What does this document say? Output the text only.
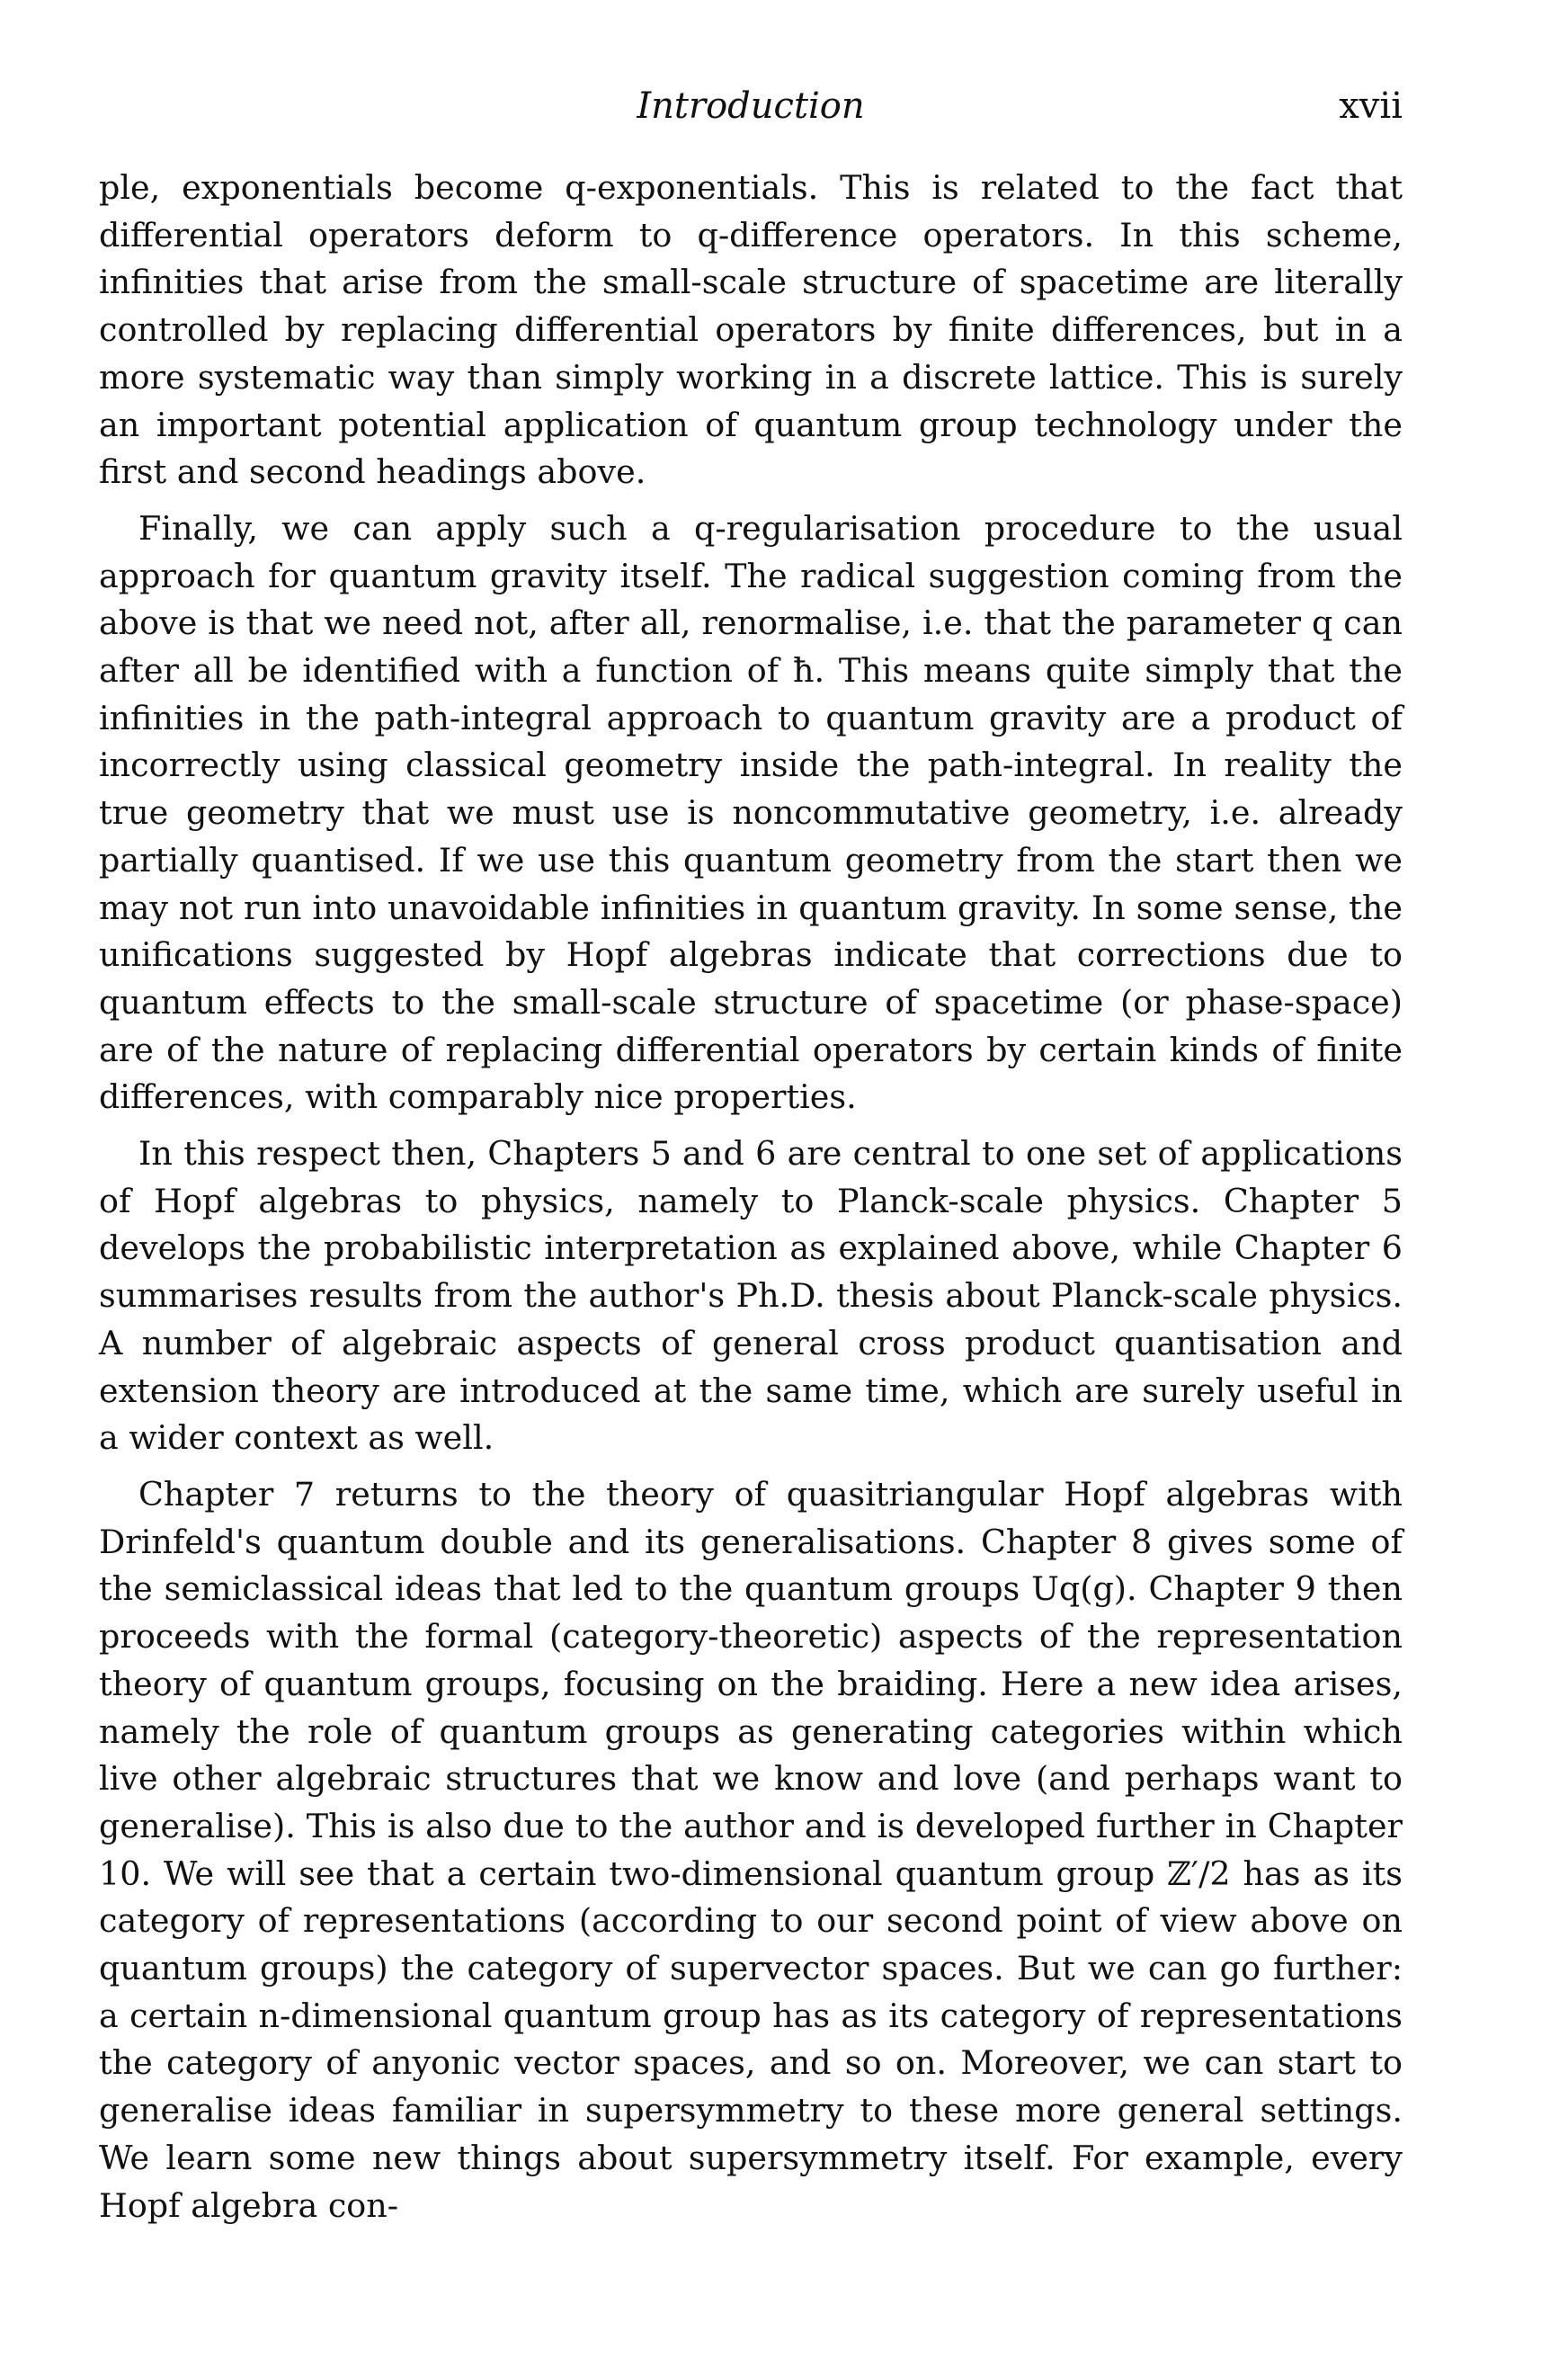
Introduction	xvii

ple, exponentials become q-exponentials. This is related to the fact that differential operators deform to q-difference operators. In this scheme, infinities that arise from the small-scale structure of spacetime are literally controlled by replacing differential operators by finite differences, but in a more systematic way than simply working in a discrete lattice. This is surely an important potential application of quantum group technology under the first and second headings above.

Finally, we can apply such a q-regularisation procedure to the usual approach for quantum gravity itself. The radical suggestion coming from the above is that we need not, after all, renormalise, i.e. that the parameter q can after all be identified with a function of ħ. This means quite simply that the infinities in the path-integral approach to quantum gravity are a product of incorrectly using classical geometry inside the path-integral. In reality the true geometry that we must use is noncommutative geometry, i.e. already partially quantised. If we use this quantum geometry from the start then we may not run into unavoidable infinities in quantum gravity. In some sense, the unifications suggested by Hopf algebras indicate that corrections due to quantum effects to the small-scale structure of spacetime (or phase-space) are of the nature of replacing differential operators by certain kinds of finite differences, with comparably nice properties.

In this respect then, Chapters 5 and 6 are central to one set of applications of Hopf algebras to physics, namely to Planck-scale physics. Chapter 5 develops the probabilistic interpretation as explained above, while Chapter 6 summarises results from the author's Ph.D. thesis about Planck-scale physics. A number of algebraic aspects of general cross product quantisation and extension theory are introduced at the same time, which are surely useful in a wider context as well.

Chapter 7 returns to the theory of quasitriangular Hopf algebras with Drinfeld's quantum double and its generalisations. Chapter 8 gives some of the semiclassical ideas that led to the quantum groups Uq(g). Chapter 9 then proceeds with the formal (category-theoretic) aspects of the representation theory of quantum groups, focusing on the braiding. Here a new idea arises, namely the role of quantum groups as generating categories within which live other algebraic structures that we know and love (and perhaps want to generalise). This is also due to the author and is developed further in Chapter 10. We will see that a certain two-dimensional quantum group ℤ′/2 has as its category of representations (according to our second point of view above on quantum groups) the category of supervector spaces. But we can go further: a certain n-dimensional quantum group has as its category of representations the category of anyonic vector spaces, and so on. Moreover, we can start to generalise ideas familiar in supersymmetry to these more general settings. We learn some new things about supersymmetry itself. For example, every Hopf algebra con-
